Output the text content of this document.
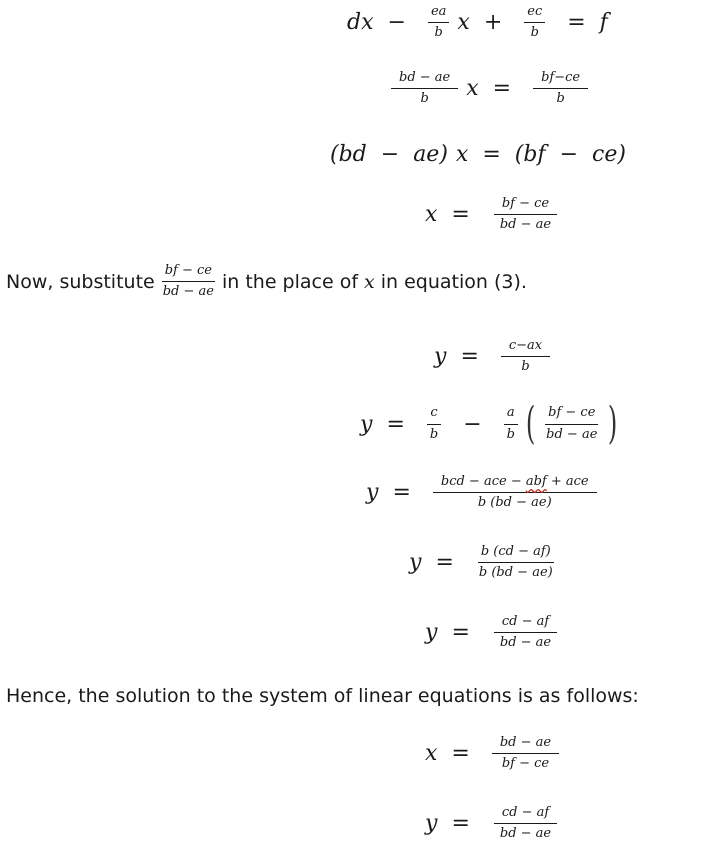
dx − $\frac{ea}{b}$ $x + \frac{ec}{b} = f$
$\frac{bd - ae}{b}$ $x = \frac{bf-ce}{b}$
(bd − ae) x = (bf − ce)
$x = \frac{bf - ce}{bd - ae}$
Now, substitute $\frac{bf - ce}{bd - ae}$ in the place of x in equation (3).
$y = \frac{c-ax}{b}$
$y = \frac{c}{b} - \frac{a}{b}$ ( $\frac{bf - ce}{bd - ae}$ )
$y = \frac{\text{bcd − ace − abf + ace}}{b (bd - ae)}$
$y = \frac{b (cd - af)}{b (bd - ae)}$
$y = \frac{cd - af}{bd - ae}$
Hence, the solution to the system of linear equations is as follows:
$x = \frac{bd - ae}{bf - ce}$
$y = \frac{cd - af}{bd - ae}$
